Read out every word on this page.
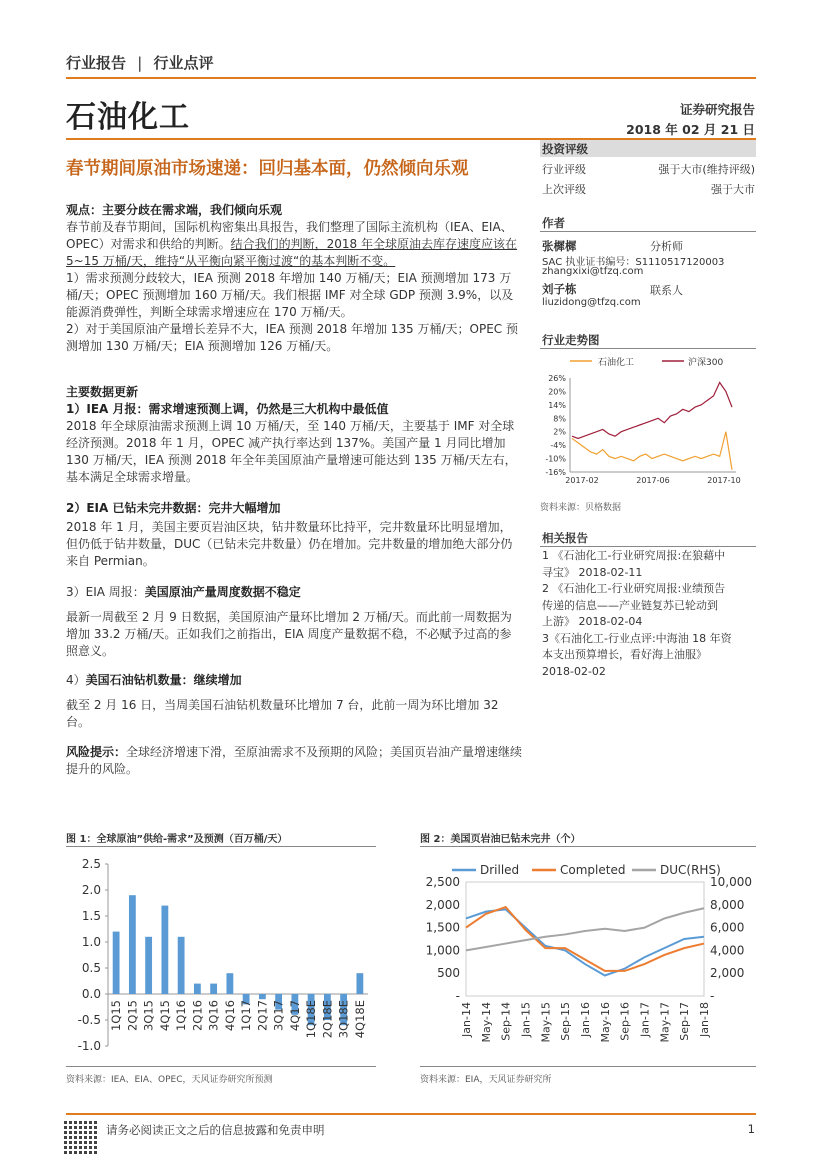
行业报告 | 行业点评
石油化工	证券研究报告
2018 年 02 月 21 日
春节期间原油市场速递：回归基本面，仍然倾向乐观

观点：主要分歧在需求端，我们倾向乐观

春节前及春节期间，国际机构密集出具报告，我们整理了国际主流机构（IEA、EIA、OPEC）对需求和供给的判断。结合我们的判断，2018 年全球原油去库存速度应该在 5~15 万桶/天，维持“从平衡向紧平衡过渡“的基本判断不变。

1）需求预测分歧较大，IEA 预测 2018 年增加 140 万桶/天；EIA 预测增加 173 万桶/天；OPEC 预测增加 160 万桶/天。我们根据 IMF 对全球 GDP 预测 3.9%，以及能源消费弹性，判断全球需求增速应在 170 万桶/天。

2）对于美国原油产量增长差异不大，IEA 预测 2018 年增加 135 万桶/天；OPEC 预测增加 130 万桶/天；EIA 预测增加 126 万桶/天。

主要数据更新

1）IEA 月报：需求增速预测上调，仍然是三大机构中最低值

2018 年全球原油需求预测上调 10 万桶/天，至 140 万桶/天，主要基于 IMF 对全球经济预测。2018 年 1 月，OPEC 减产执行率达到 137%。美国产量 1 月同比增加 130 万桶/天，IEA 预测 2018 年全年美国原油产量增速可能达到 135 万桶/天左右，基本满足全球需求增量。

2）EIA 已钻未完井数据：完井大幅增加

2018 年 1 月，美国主要页岩油区块，钻井数量环比持平，完井数量环比明显增加，但仍低于钻井数量，DUC（已钻未完井数量）仍在增加。完井数量的增加绝大部分仍来自 Permian。

3）EIA 周报：美国原油产量周度数据不稳定

最新一周截至 2 月 9 日数据，美国原油产量环比增加 2 万桶/天。而此前一周数据为增加 33.2 万桶/天。正如我们之前指出，EIA 周度产量数据不稳，不必赋予过高的参照意义。

4）美国石油钻机数量：继续增加

截至 2 月 16 日，当周美国石油钻机数量环比增加 7 台，此前一周为环比增加 32 台。

风险提示：全球经济增速下滑，至原油需求不及预期的风险；美国页岩油产量增速继续提升的风险。

投资评级
行业评级	强于大市(维持评级)
上次评级	强于大市
作者
张樨樨	分析师
SAC 执业证书编号：S1110517120003
zhangxixi@tfzq.com
刘子栋	联系人
liuzidong@tfzq.com
行业走势图
石油化工	沪深300
26%
20%
14%
8%
2%
-4%
-10%
-16%
2017-02	2017-06	2017-10
资料来源：贝格数据
相关报告
1 《石油化工-行业研究周报:在狼藉中
寻宝》 2018-02-11
2 《石油化工-行业研究周报:业绩预告
传递的信息——产业链复苏已轮动到
上游》 2018-02-04
3《石油化工-行业点评:中海油 18 年资
本支出预算增长，看好海上油服》
2018-02-02
图 1：全球原油”供给-需求”及预测（百万桶/天）
2.5
2.0
1.5
1.0
0.5
0.0
-0.5
-1.0
1Q15 2Q15 3Q15 4Q15 1Q16 2Q16 3Q16 4Q16 1Q17 2Q17 3Q17 4Q17 1Q18E 2Q18E 3Q18E 4Q18E
资料来源：IEA、EIA、OPEC，天风证券研究所预测
图 2：美国页岩油已钻未完井（个）
Drilled	Completed	DUC(RHS)
2,500
2,000
1,500
1,000
500
-
10,000
8,000
6,000
4,000
2,000
-
Jan-14 May-14 Sep-14 Jan-15 May-15 Sep-15 Jan-16 May-16 Sep-16 Jan-17 May-17 Sep-17 Jan-18
资料来源：EIA，天风证券研究所
请务必阅读正文之后的信息披露和免责申明	1
